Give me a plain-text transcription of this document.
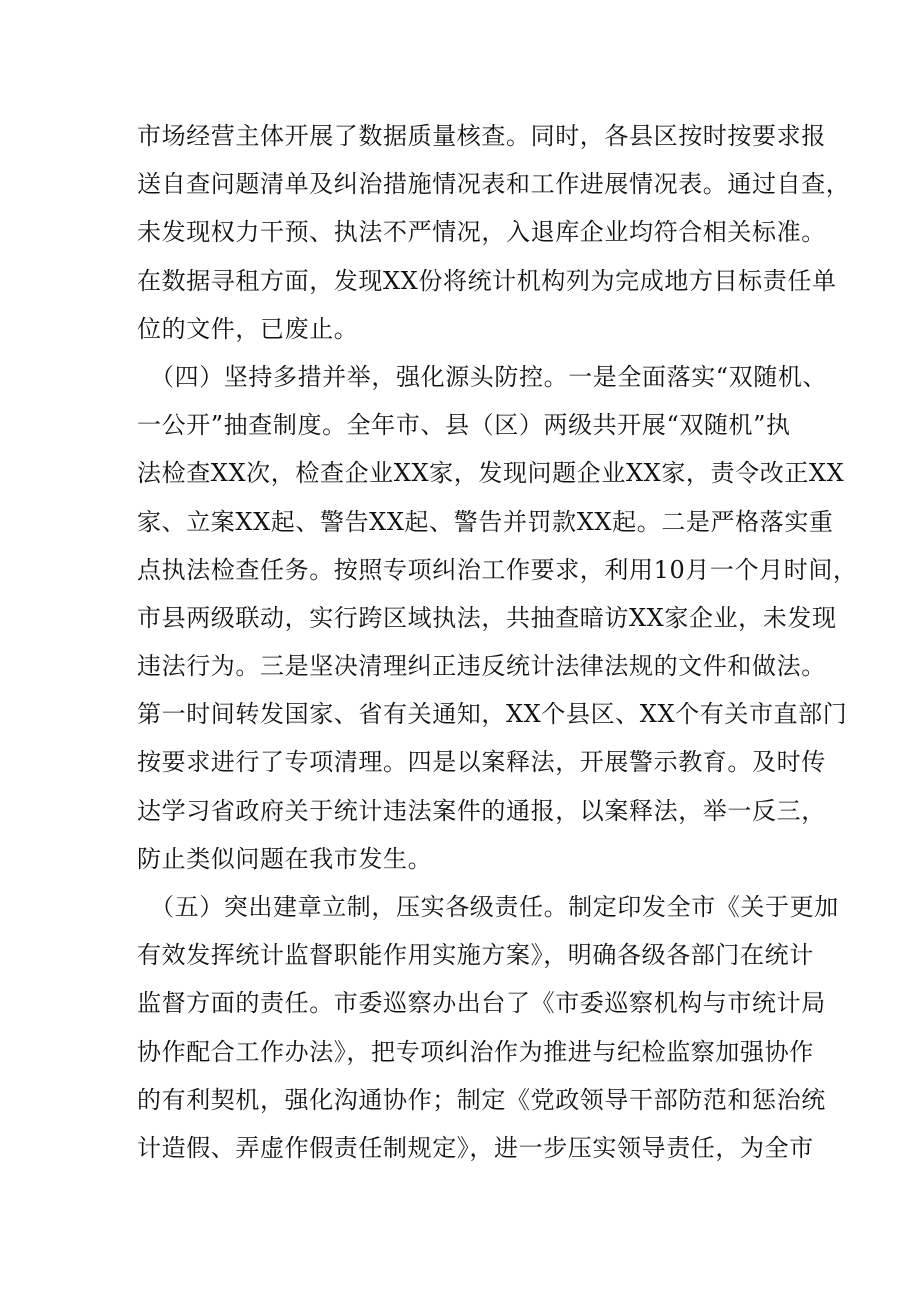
市场经营主体开展了数据质量核查。同时，各县区按时按要求报
送自查问题清单及纠治措施情况表和工作进展情况表。通过自查，
未发现权力干预、执法不严情况，入退库企业均符合相关标准。
在数据寻租方面，发现XX份将统计机构列为完成地方目标责任单
位的文件，已废止。
（四）坚持多措并举，强化源头防控。一是全面落实“双随机、
一公开”抽查制度。全年市、县（区）两级共开展“双随机”执
法检查XX次，检查企业XX家，发现问题企业XX家，责令改正XX
家、立案XX起、警告XX起、警告并罚款XX起。二是严格落实重
点执法检查任务。按照专项纠治工作要求，利用10月一个月时间，
市县两级联动，实行跨区域执法，共抽查暗访XX家企业，未发现
违法行为。三是坚决清理纠正违反统计法律法规的文件和做法。
第一时间转发国家、省有关通知，XX个县区、XX个有关市直部门
按要求进行了专项清理。四是以案释法，开展警示教育。及时传
达学习省政府关于统计违法案件的通报，以案释法，举一反三，
防止类似问题在我市发生。
（五）突出建章立制，压实各级责任。制定印发全市《关于更加
有效发挥统计监督职能作用实施方案》，明确各级各部门在统计
监督方面的责任。市委巡察办出台了《市委巡察机构与市统计局
协作配合工作办法》，把专项纠治作为推进与纪检监察加强协作
的有利契机，强化沟通协作；制定《党政领导干部防范和惩治统
计造假、弄虚作假责任制规定》，进一步压实领导责任，为全市
